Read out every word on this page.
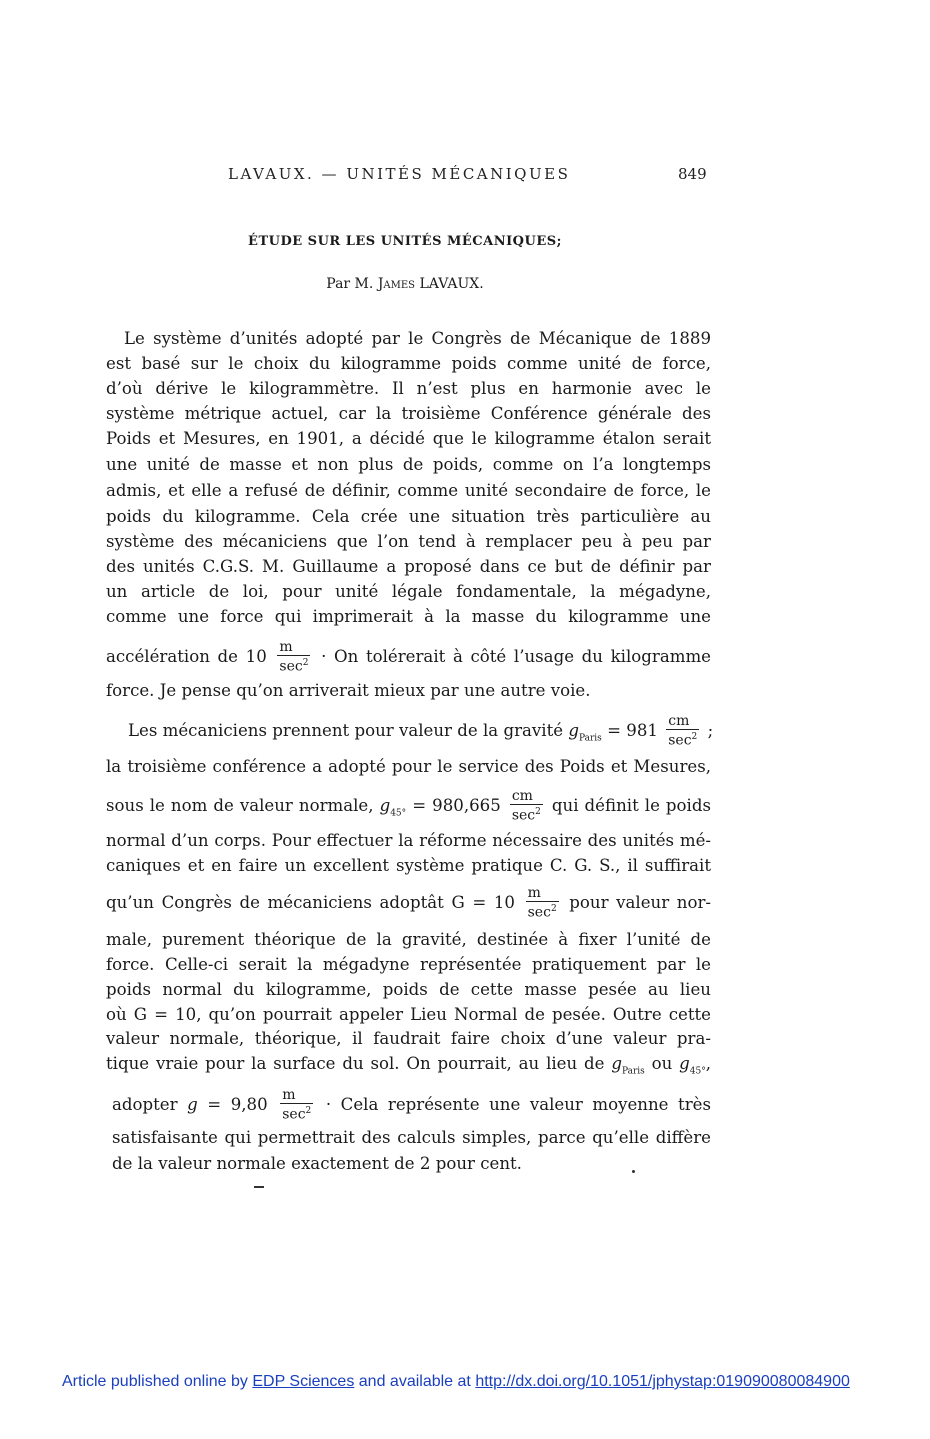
LAVAUX. — UNITÉS MÉCANIQUES	849
ÉTUDE SUR LES UNITÉS MÉCANIQUES;
Par M. James LAVAUX.
Le système d’unités adopté par le Congrès de Mécanique de 1889
est basé sur le choix du kilogramme poids comme unité de force,
d’où dérive le kilogrammètre. Il n’est plus en harmonie avec le
système métrique actuel, car la troisième Conférence générale des
Poids et Mesures, en 1901, a décidé que le kilogramme étalon serait
une unité de masse et non plus de poids, comme on l’a longtemps
admis, et elle a refusé de définir, comme unité secondaire de force, le
poids du kilogramme. Cela crée une situation très particulière au
système des mécaniciens que l’on tend à remplacer peu à peu par
des unités C.G.S. M. Guillaume a proposé dans ce but de définir par
un article de loi, pour unité légale fondamentale, la mégadyne,
comme une force qui imprimerait à la masse du kilogramme une
accélération de $10 \frac{m}{\sec^2} \cdot On$ tolérerait à côté l’usage du kilogramme
force. Je pense qu’on arriverait mieux par une autre voie.
Les mécaniciens prennent pour valeur de la gravité $g_{Paris} = 981 \frac{cm}{\sec^2}$ ;
la troisième conférence a adopté pour le service des Poids et Mesures,
sous le nom de valeur normale, $g_{45^\circ} = 980,665 \frac{cm}{\sec^2}$ qui définit le poids
normal d’un corps. Pour effectuer la réforme nécessaire des unités mé-
caniques et en faire un excellent système pratique C. G. S., il suffirait
qu’un Congrès de mécaniciens adoptât $G = 10 \frac{m}{\sec^2}$ pour valeur nor-
male, purement théorique de la gravité, destinée à fixer l’unité de
force. Celle-ci serait la mégadyne représentée pratiquement par le
poids normal du kilogramme, poids de cette masse pesée au lieu
où G = 10, qu’on pourrait appeler Lieu Normal de pesée. Outre cette
valeur normale, théorique, il faudrait faire choix d’une valeur pra-
tique vraie pour la surface du sol. On pourrait, au lieu de $g_{Paris}$ ou $g_{45^\circ}$,
adopter $g = 9,80 \frac{m}{\sec^2}$ · Cela représente une valeur moyenne très
satisfaisante qui permettrait des calculs simples, parce qu’elle diffère
de la valeur normale exactement de 2 pour cent.
Article published online by EDP Sciences and available at http://dx.doi.org/10.1051/jphystap:019090080084900
